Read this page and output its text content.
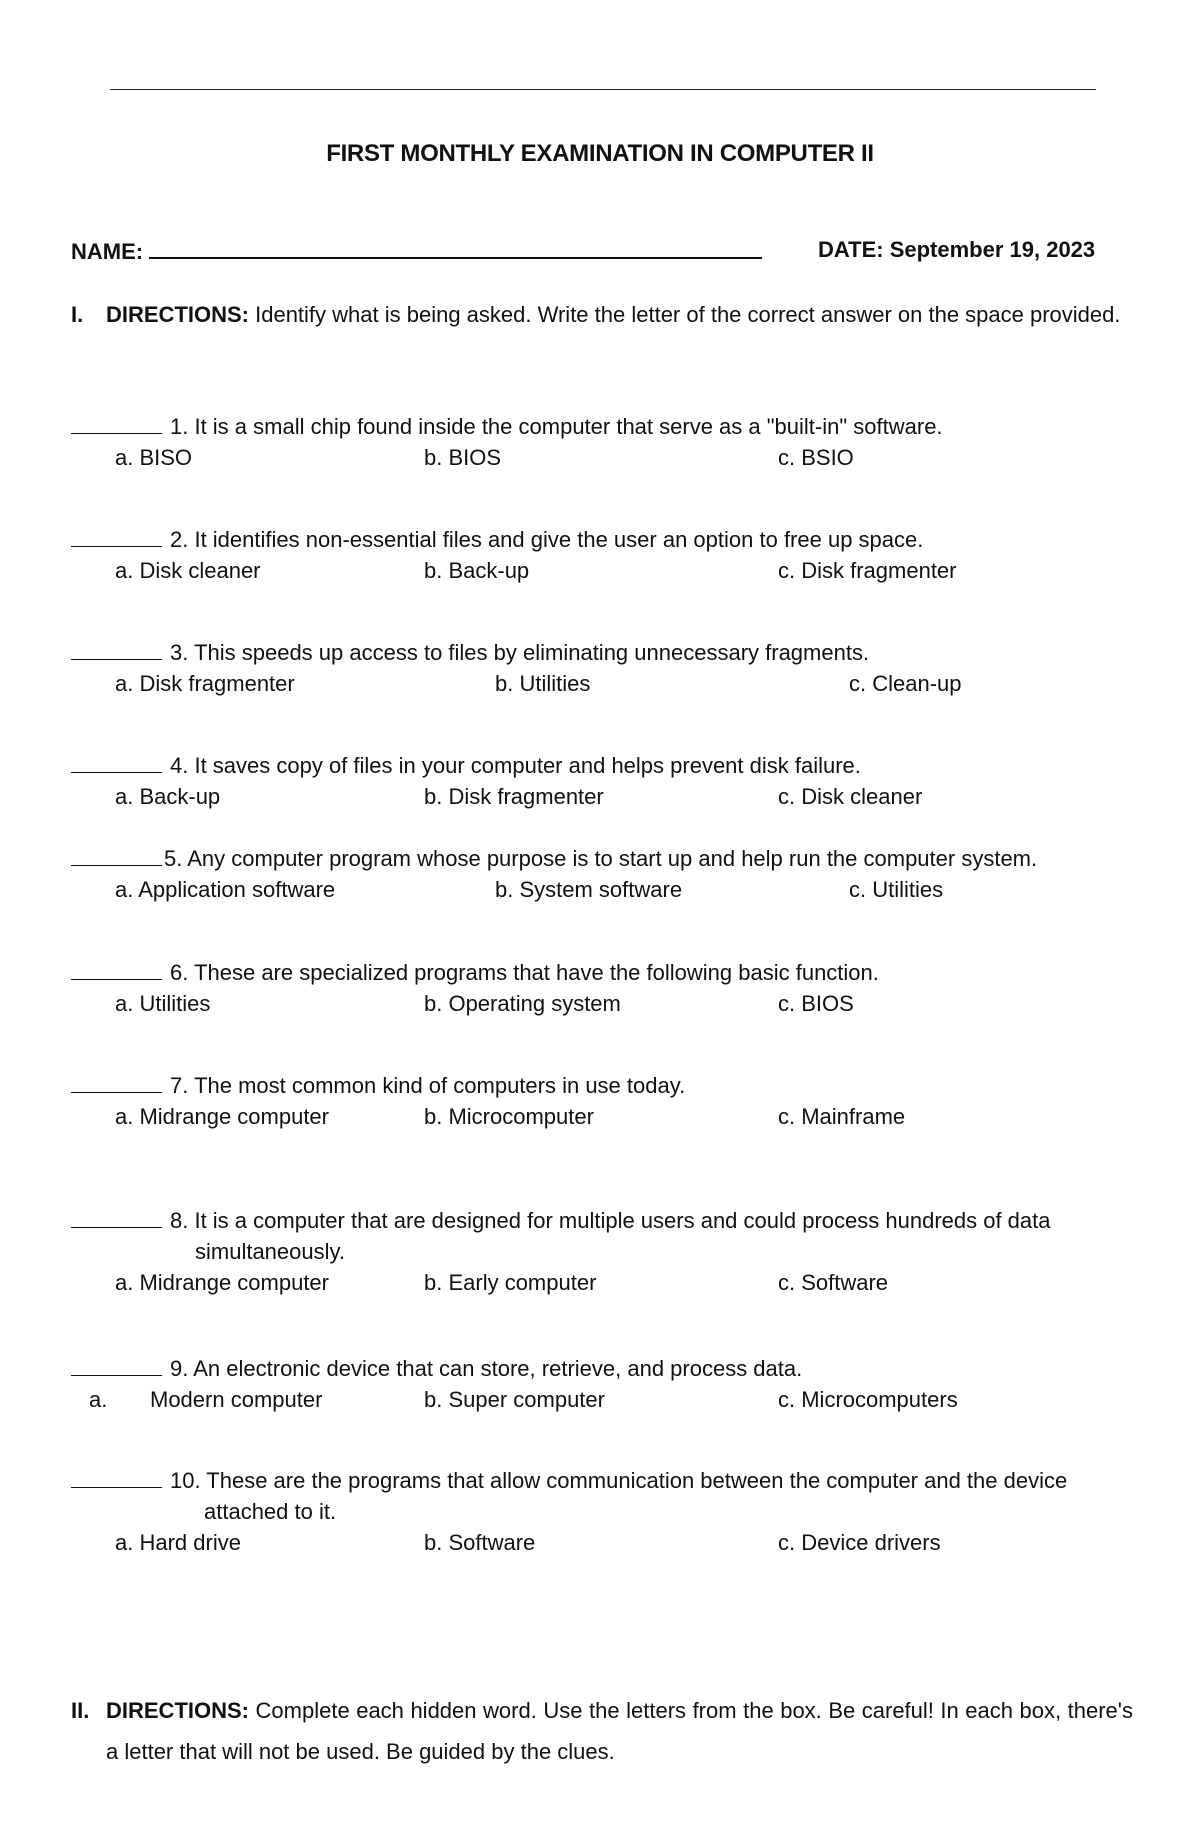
FIRST MONTHLY EXAMINATION IN COMPUTER II
NAME:	DATE: September 19, 2023
I. DIRECTIONS: Identify what is being asked. Write the letter of the correct answer on the space provided.
1. It is a small chip found inside the computer that serve as a "built-in" software.
a. BISO	b. BIOS	c. BSIO
2. It identifies non-essential files and give the user an option to free up space.
a. Disk cleaner	b. Back-up	c. Disk fragmenter
3. This speeds up access to files by eliminating unnecessary fragments.
a. Disk fragmenter	b. Utilities	c. Clean-up
4. It saves copy of files in your computer and helps prevent disk failure.
a. Back-up	b. Disk fragmenter	c. Disk cleaner
5. Any computer program whose purpose is to start up and help run the computer system.
a. Application software	b. System software	c. Utilities
6. These are specialized programs that have the following basic function.
a. Utilities	b. Operating system	c. BIOS
7. The most common kind of computers in use today.
a. Midrange computer	b. Microcomputer	c. Mainframe
8. It is a computer that are designed for multiple users and could process hundreds of data
simultaneously.
a. Midrange computer	b. Early computer	c. Software
9. An electronic device that can store, retrieve, and process data.
a. Modern computer	b. Super computer	c. Microcomputers
10. These are the programs that allow communication between the computer and the device
attached to it.
a. Hard drive	b. Software	c. Device drivers
II. DIRECTIONS: Complete each hidden word. Use the letters from the box. Be careful! In each box, there's a letter that will not be used. Be guided by the clues.
